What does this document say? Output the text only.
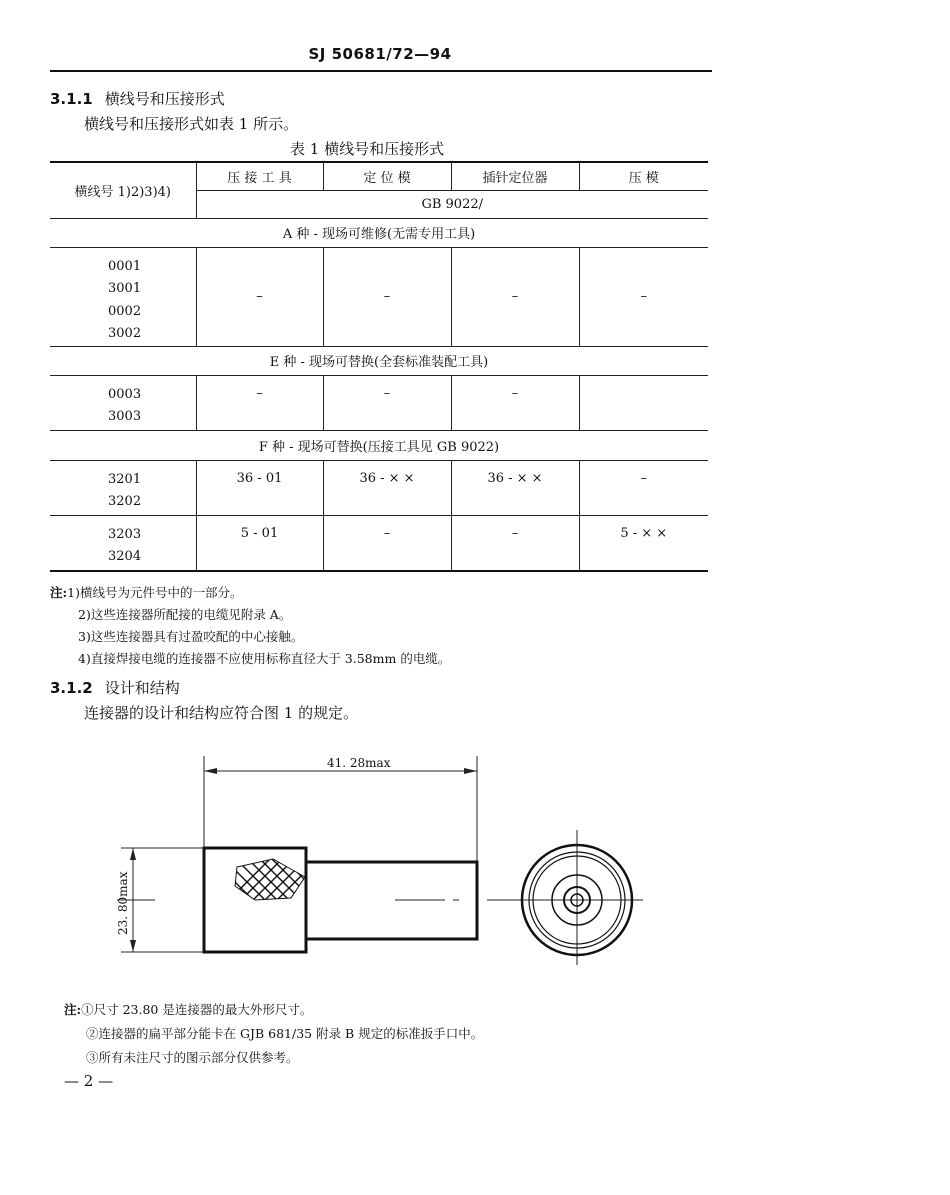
SJ 50681/72—94
3.1.1 横线号和压接形式
横线号和压接形式如表 1 所示。
表 1 横线号和压接形式
横线号 1)2)3)4)	压 接 工 具	定 位 模	插针定位器	压 模
	GB 9022/			
A 种 - 现场可维修(无需专用工具)				

0001
3001
0002
3002	–	–	–	–
E 种 - 现场可替换(全套标准装配工具)				

0003
3003	–	–	–	
F 种 - 现场可替换(压接工具见 GB 9022)				

3201
3202	36 - 01	36 - × ×	36 - × ×	–

3203
3204	5 - 01	–	–	5 - × ×
注:1)横线号为元件号中的一部分。
2)这些连接器所配接的电缆见附录 A。
3)这些连接器具有过盈咬配的中心接触。
4)直接焊接电缆的连接器不应使用标称直径大于 3.58mm 的电缆。
3.1.2 设计和结构
连接器的设计和结构应符合图 1 的规定。
41. 28max
23. 80max
注:①尺寸 23.80 是连接器的最大外形尺寸。
②连接器的扁平部分能卡在 GJB 681/35 附录 B 规定的标准扳手口中。
③所有未注尺寸的图示部分仅供参考。
— 2 —
